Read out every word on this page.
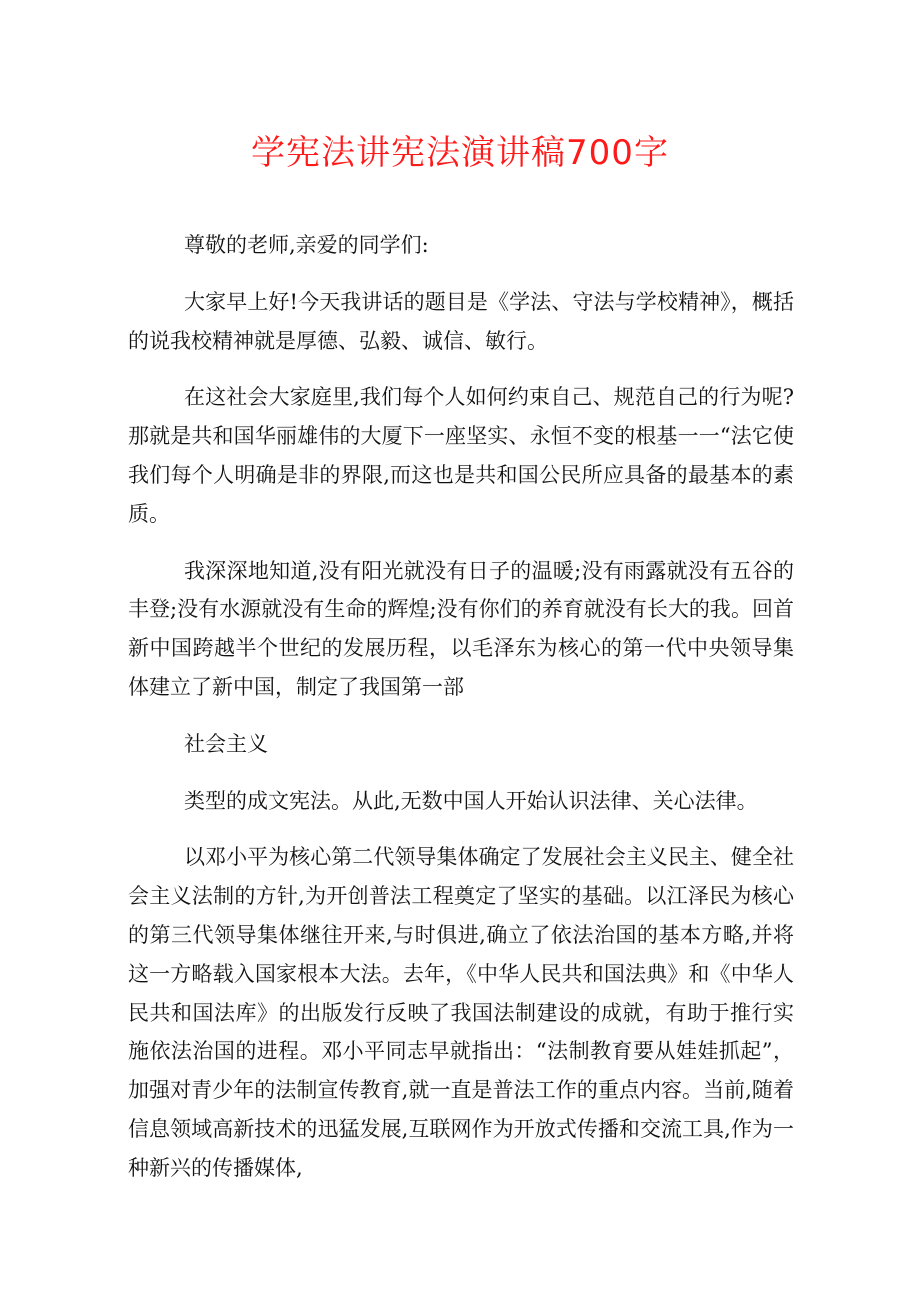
学宪法讲宪法演讲稿700字

尊敬的老师,亲爱的同学们:

大家早上好!今天我讲话的题目是《学法、守法与学校精神》，概括的说我校精神就是厚德、弘毅、诚信、敏行。

在这社会大家庭里,我们每个人如何约束自己、规范自己的行为呢?那就是共和国华丽雄伟的大厦下一座坚实、永恒不变的根基一一“法它使我们每个人明确是非的界限,而这也是共和国公民所应具备的最基本的素质。

我深深地知道,没有阳光就没有日子的温暖;没有雨露就没有五谷的丰登;没有水源就没有生命的辉煌;没有你们的养育就没有长大的我。回首新中国跨越半个世纪的发展历程，以毛泽东为核心的第一代中央领导集体建立了新中国，制定了我国第一部

社会主义

类型的成文宪法。从此,无数中国人开始认识法律、关心法律。

以邓小平为核心第二代领导集体确定了发展社会主义民主、健全社会主义法制的方针,为开创普法工程奠定了坚实的基础。以江泽民为核心的第三代领导集体继往开来,与时俱进,确立了依法治国的基本方略,并将这一方略载入国家根本大法。去年，《中华人民共和国法典》和《中华人民共和国法库》的出版发行反映了我国法制建设的成就，有助于推行实施依法治国的进程。邓小平同志早就指出：“法制教育要从娃娃抓起”，加强对青少年的法制宣传教育,就一直是普法工作的重点内容。当前,随着信息领域高新技术的迅猛发展,互联网作为开放式传播和交流工具,作为一种新兴的传播媒体,
